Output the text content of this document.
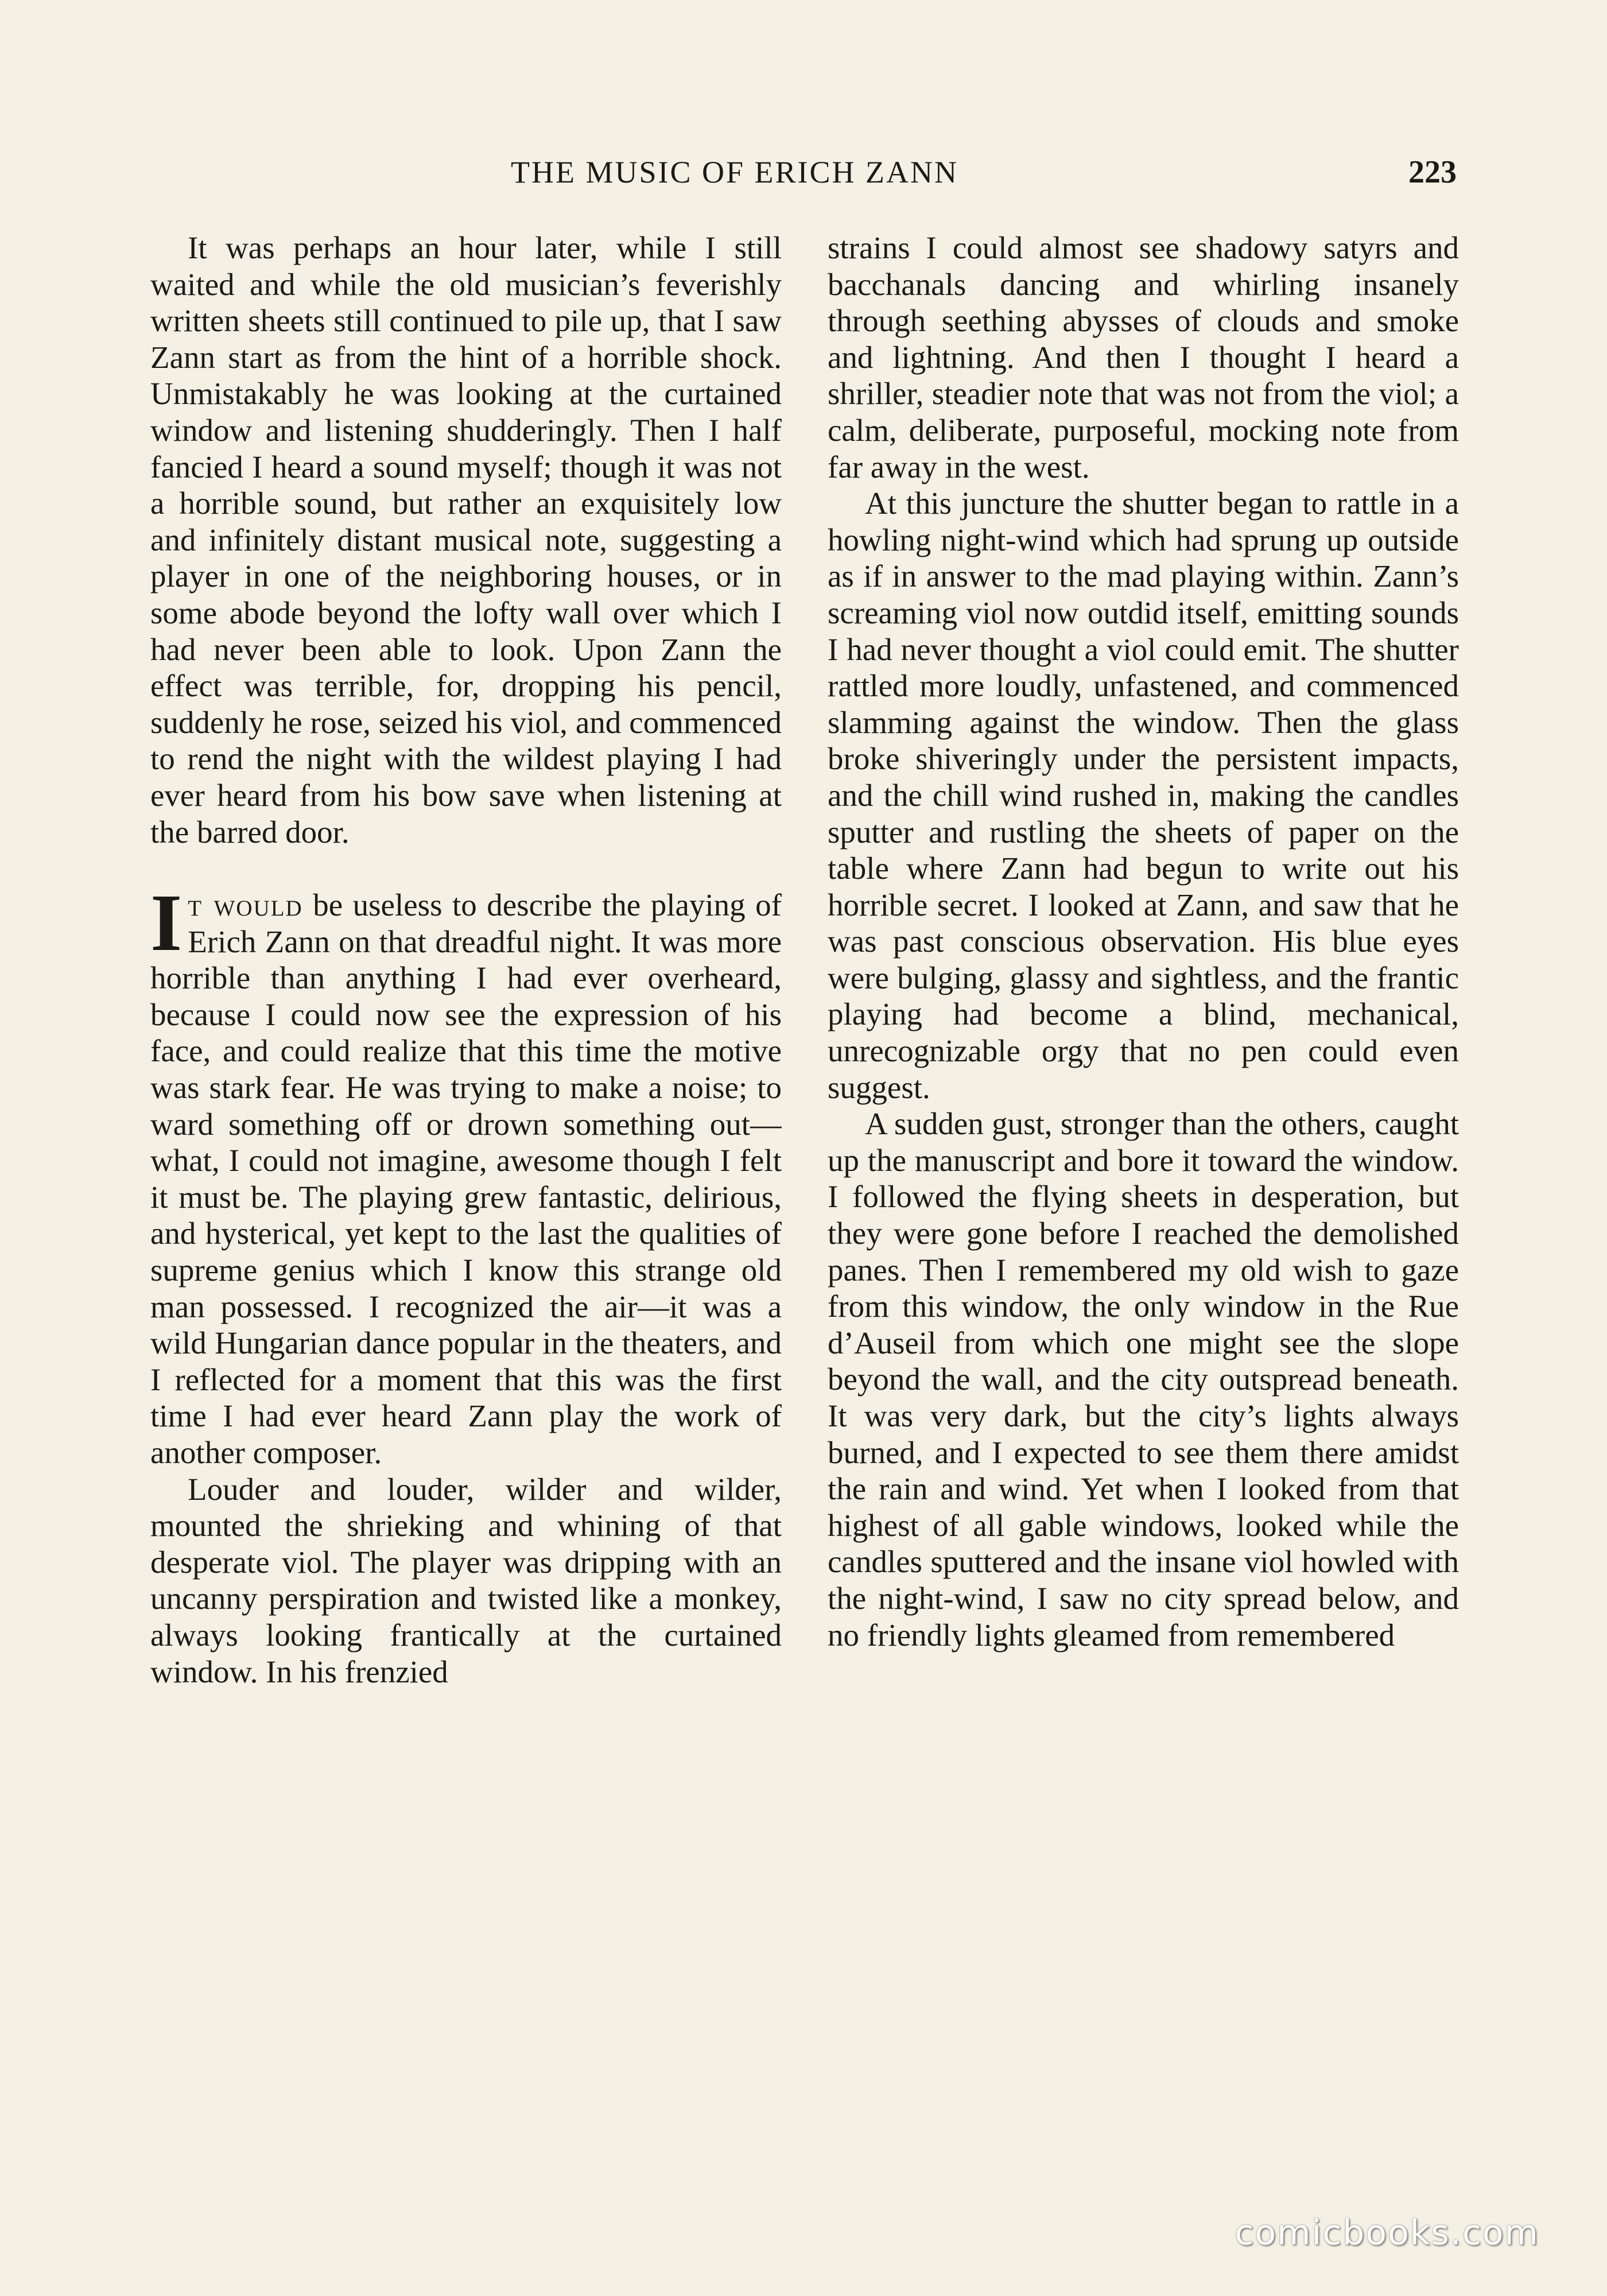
THE MUSIC OF ERICH ZANN	223

It was perhaps an hour later, while I still waited and while the old musician’s feverishly written sheets still continued to pile up, that I saw Zann start as from the hint of a horrible shock. Unmistakably he was looking at the curtained window and listening shudderingly. Then I half fancied I heard a sound myself; though it was not a horrible sound, but rather an exquisitely low and infinitely distant musical note, suggesting a player in one of the neighboring houses, or in some abode beyond the lofty wall over which I had never been able to look. Upon Zann the effect was terrible, for, dropping his pencil, suddenly he rose, seized his viol, and commenced to rend the night with the wildest playing I had ever heard from his bow save when listening at the barred door.

It would be useless to describe the playing of Erich Zann on that dreadful night. It was more horrible than anything I had ever overheard, because I could now see the expression of his face, and could realize that this time the motive was stark fear. He was trying to make a noise; to ward something off or drown something out—what, I could not imagine, awesome though I felt it must be. The playing grew fantastic, delirious, and hysterical, yet kept to the last the qualities of supreme genius which I know this strange old man possessed. I recognized the air—it was a wild Hungarian dance popular in the theaters, and I reflected for a moment that this was the first time I had ever heard Zann play the work of another composer.

Louder and louder, wilder and wilder, mounted the shrieking and whining of that desperate viol. The player was dripping with an uncanny perspiration and twisted like a monkey, always looking frantically at the curtained window. In his frenzied

strains I could almost see shadowy satyrs and bacchanals dancing and whirling insanely through seething abysses of clouds and smoke and lightning. And then I thought I heard a shriller, steadier note that was not from the viol; a calm, deliberate, purposeful, mocking note from far away in the west.

At this juncture the shutter began to rattle in a howling night-wind which had sprung up outside as if in answer to the mad playing within. Zann’s screaming viol now outdid itself, emitting sounds I had never thought a viol could emit. The shutter rattled more loudly, unfastened, and commenced slamming against the window. Then the glass broke shiveringly under the persistent impacts, and the chill wind rushed in, making the candles sputter and rustling the sheets of paper on the table where Zann had begun to write out his horrible secret. I looked at Zann, and saw that he was past conscious observation. His blue eyes were bulging, glassy and sightless, and the frantic playing had become a blind, mechanical, unrecognizable orgy that no pen could even suggest.

A sudden gust, stronger than the others, caught up the manuscript and bore it toward the window. I followed the flying sheets in desperation, but they were gone before I reached the demolished panes. Then I remembered my old wish to gaze from this window, the only window in the Rue d’Auseil from which one might see the slope beyond the wall, and the city outspread beneath. It was very dark, but the city’s lights always burned, and I expected to see them there amidst the rain and wind. Yet when I looked from that highest of all gable windows, looked while the candles sputtered and the insane viol howled with the night-wind, I saw no city spread below, and no friendly lights gleamed from remembered

comicbooks.com
